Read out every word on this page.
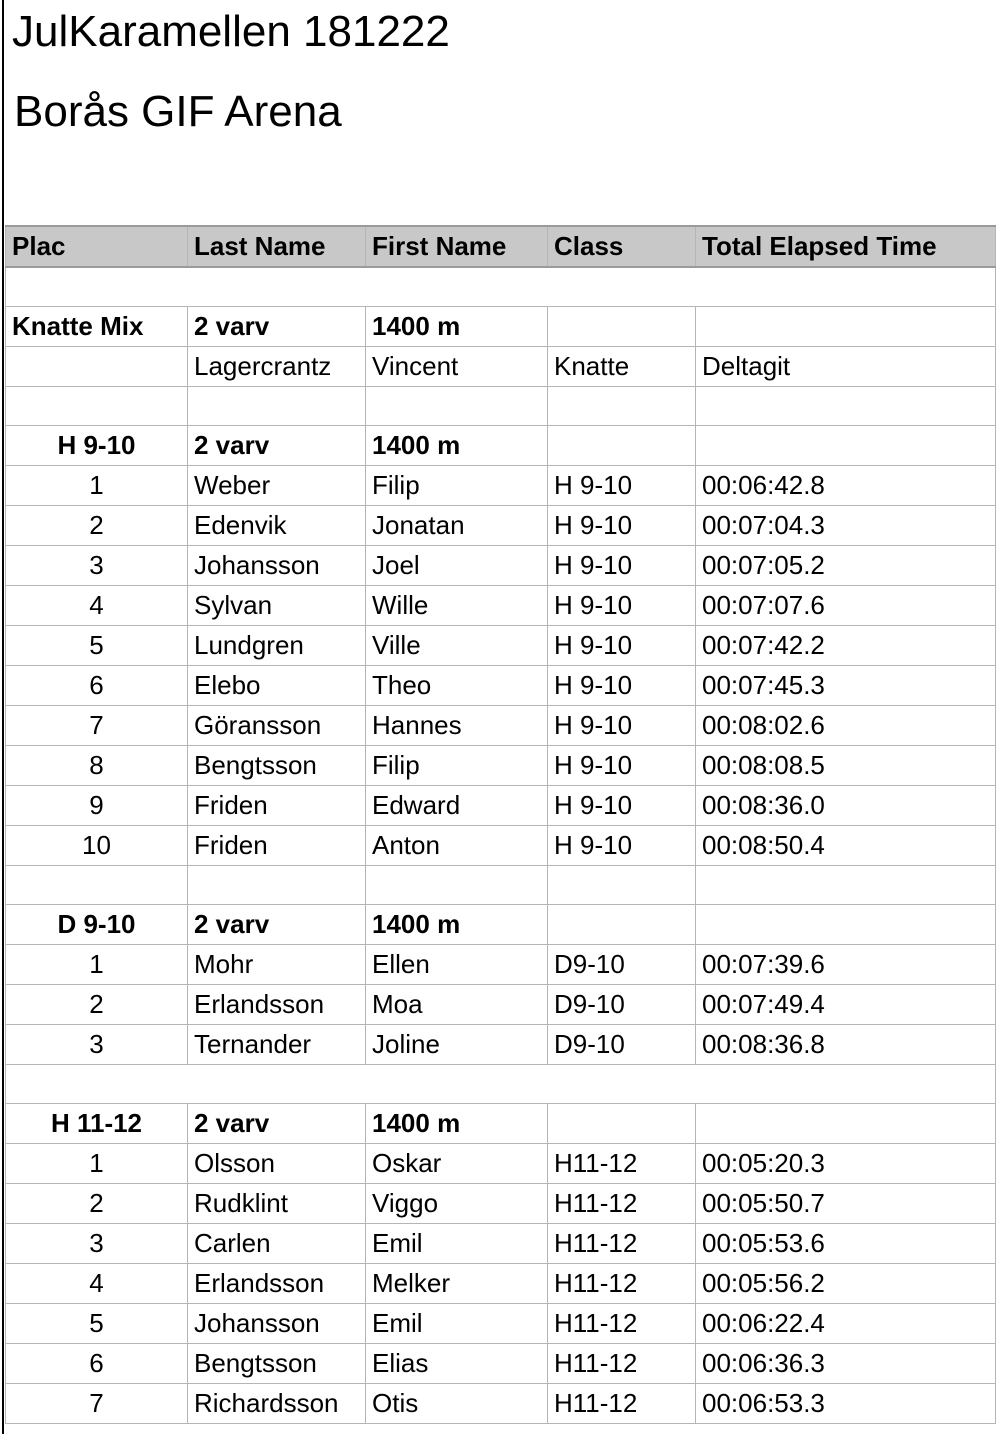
JulKaramellen 181222
Borås GIF Arena
Plac	Last Name	First Name	Class	Total Elapsed Time

Knatte Mix	2 varv	1400 m		
	Lagercrantz	Vincent	Knatte	Deltagit

H 9-10	2 varv	1400 m		
1	Weber	Filip	H 9-10	00:06:42.8
2	Edenvik	Jonatan	H 9-10	00:07:04.3
3	Johansson	Joel	H 9-10	00:07:05.2
4	Sylvan	Wille	H 9-10	00:07:07.6
5	Lundgren	Ville	H 9-10	00:07:42.2
6	Elebo	Theo	H 9-10	00:07:45.3
7	Göransson	Hannes	H 9-10	00:08:02.6
8	Bengtsson	Filip	H 9-10	00:08:08.5
9	Friden	Edward	H 9-10	00:08:36.0
10	Friden	Anton	H 9-10	00:08:50.4

D 9-10	2 varv	1400 m		
1	Mohr	Ellen	D9-10	00:07:39.6
2	Erlandsson	Moa	D9-10	00:07:49.4
3	Ternander	Joline	D9-10	00:08:36.8

H 11-12	2 varv	1400 m		
1	Olsson	Oskar	H11-12	00:05:20.3
2	Rudklint	Viggo	H11-12	00:05:50.7
3	Carlen	Emil	H11-12	00:05:53.6
4	Erlandsson	Melker	H11-12	00:05:56.2
5	Johansson	Emil	H11-12	00:06:22.4
6	Bengtsson	Elias	H11-12	00:06:36.3
7	Richardsson	Otis	H11-12	00:06:53.3
